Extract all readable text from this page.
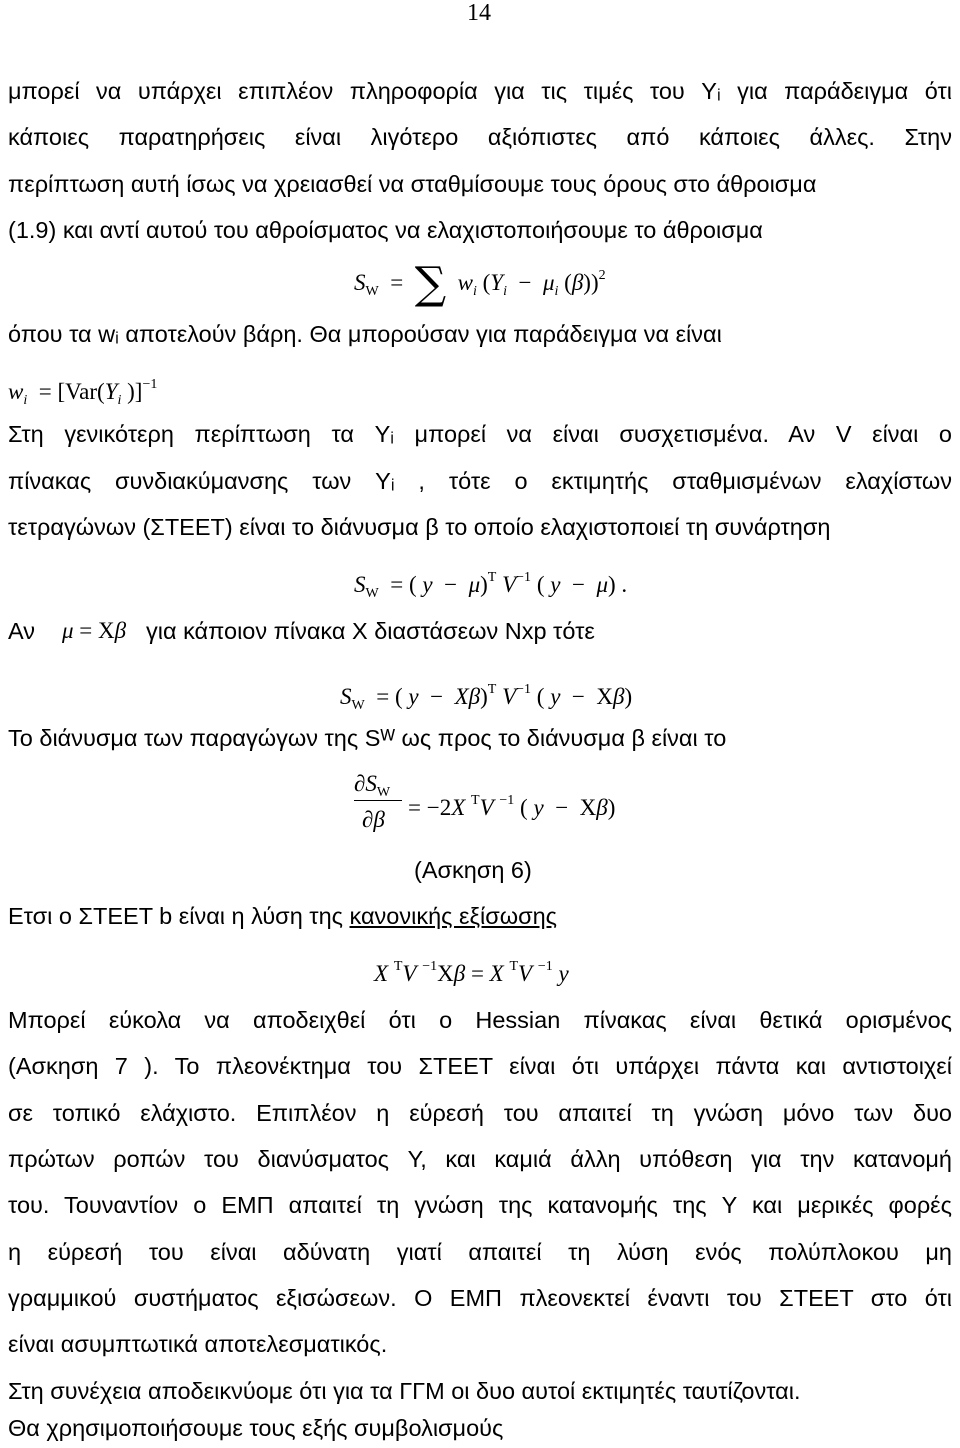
14
μπορεί να υπάρχει επιπλέον πληροφορία για τις τιμές του Yᵢ για παράδειγμα ότι
κάποιες παρατηρήσεις είναι λιγότερο αξιόπιστες από κάποιες άλλες. Στην
περίπτωση αυτή ίσως να χρειασθεί να σταθμίσουμε τους όρους στο άθροισμα
(1.9) και αντί αυτού του αθροίσματος να ελαχιστοποιήσουμε το άθροισμα
$S_W$  =  ∑ $w_i$ ($Y_i - \mu_i$ (β))$^2$
όπου τα wᵢ αποτελούν βάρη. Θα μπορούσαν για παράδειγμα να είναι
$w_i = [Var(Y_i$ )]$^{-1}$
Στη γενικότερη περίπτωση τα Yᵢ μπορεί να είναι συσχετισμένα. Αν V είναι ο
πίνακας συνδιακύμανσης των Yᵢ , τότε ο εκτιμητής σταθμισμένων ελαχίστων
τετραγώνων (ΣΤΕΕΤ) είναι το διάνυσμα β το οποίο ελαχιστοποιεί τη συνάρτηση
$S_W$  = ( y  −  μ)$^T$ $V^{-1}$ ( y  −  μ) .
Αν μ = Xβ για κάποιον πίνακα X διαστάσεων Nxp τότε
$S_W$  = ( y  −  Xβ)$^T$ $V^{-1}$ ( y  −  Xβ)
Το διάνυσμα των παραγώγων της Sᵂ ως προς το διάνυσμα β είναι το
$\partial S_W$
∂β = −2X $^T$V $^{-1}$ ( y  −  Xβ)
(Ασκηση 6)
Ετσι ο ΣΤΕΕΤ b είναι η λύση της κανονικής εξίσωσης
X $^T$V $^{-1}$Xβ = X $^T$V $^{-1}$ y
Μπορεί εύκολα να αποδειχθεί ότι ο Hessian πίνακας είναι θετικά ορισμένος
(Ασκηση 7 ). Το πλεονέκτημα του ΣΤΕΕΤ είναι ότι υπάρχει πάντα και αντιστοιχεί
σε τοπικό ελάχιστο. Επιπλέον η εύρεσή του απαιτεί τη γνώση μόνο των δυο
πρώτων ροπών του διανύσματος Y, και καμιά άλλη υπόθεση για την κατανομή
του. Τουναντίον ο ΕΜΠ απαιτεί τη γνώση της κατανομής της Y και μερικές φορές
η εύρεσή του είναι αδύνατη γιατί απαιτεί τη λύση ενός πολύπλοκου μη
γραμμικού συστήματος εξισώσεων. Ο ΕΜΠ πλεονεκτεί έναντι του ΣΤΕΕΤ στο ότι
είναι ασυμπτωτικά αποτελεσματικός.
Στη συνέχεια αποδεικνύομε ότι για τα ΓΓΜ οι δυο αυτοί εκτιμητές ταυτίζονται.
Θα χρησιμοποιήσουμε τους εξής συμβολισμούς
